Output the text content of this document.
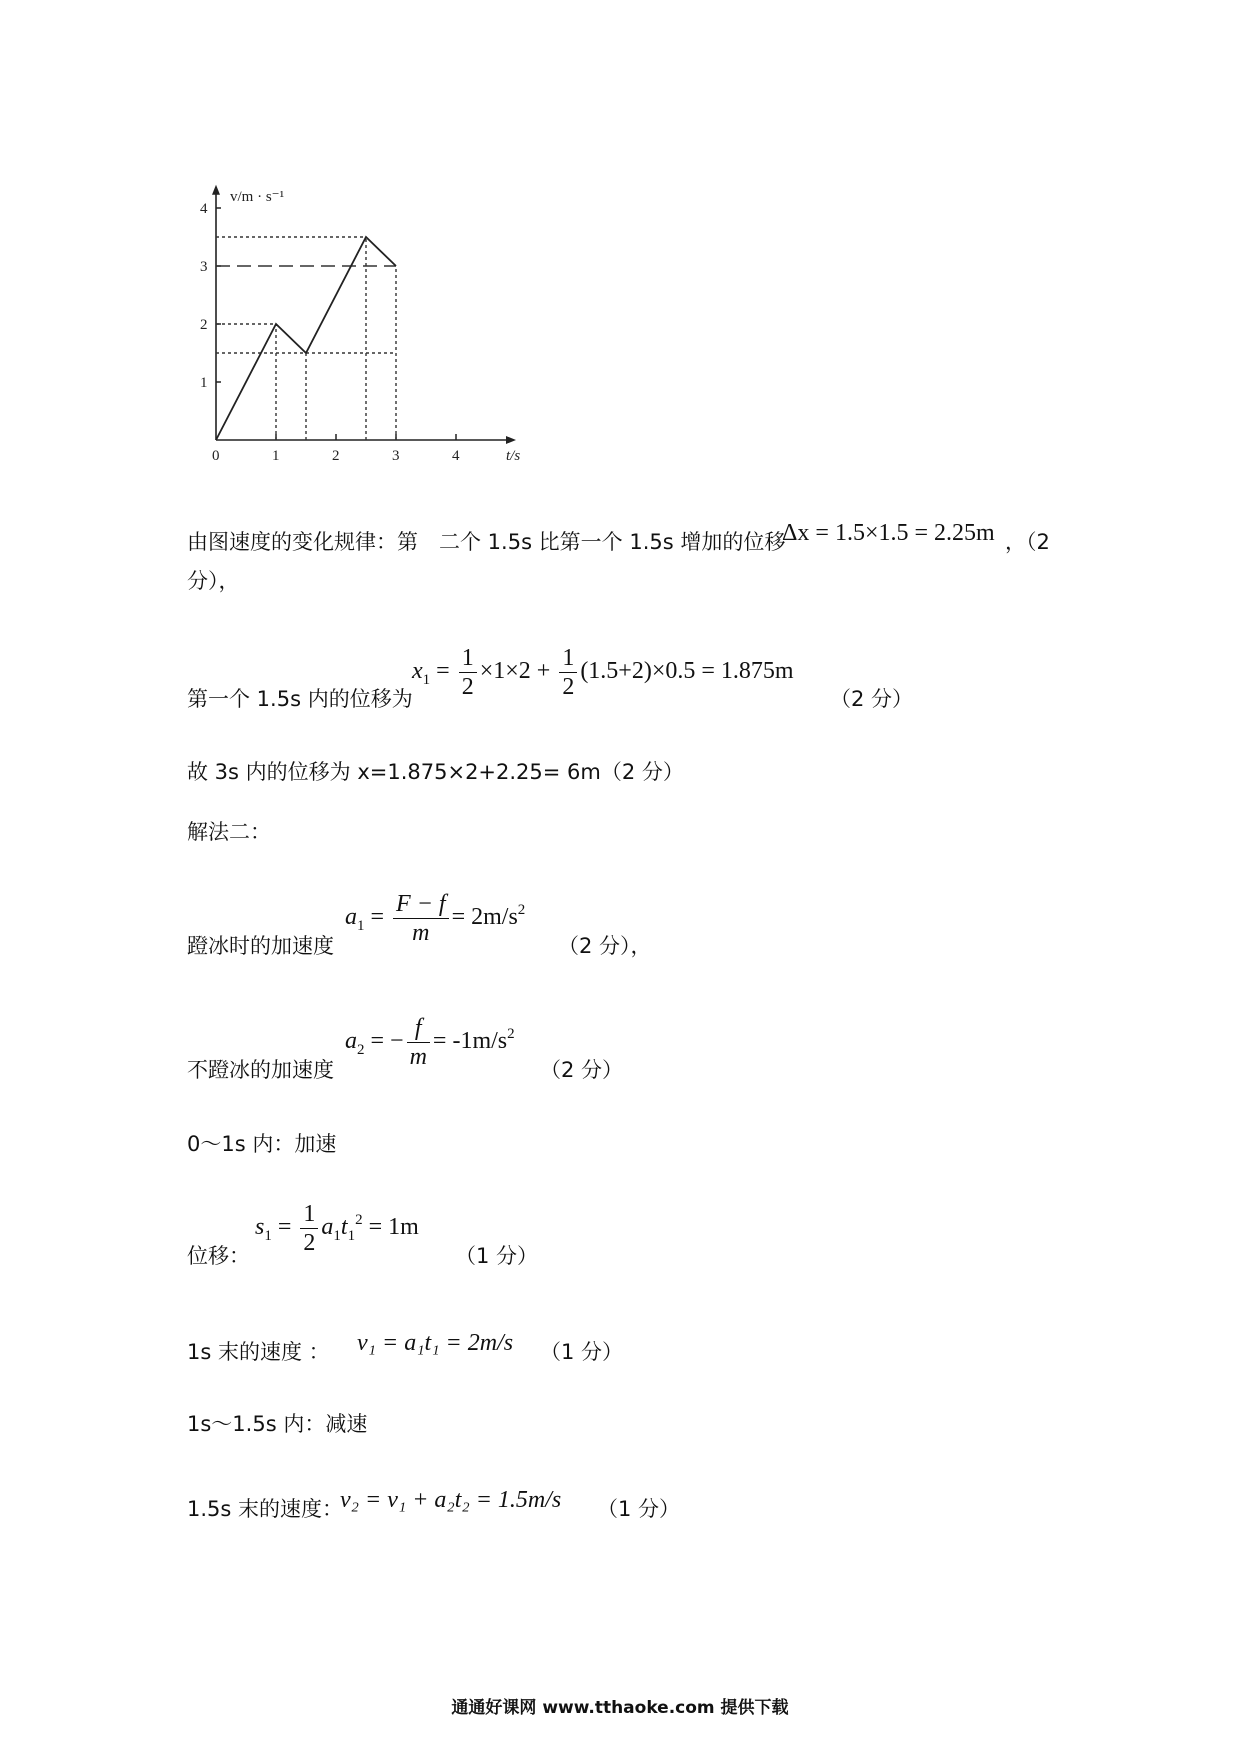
0	1	2	3	4
1
2
3
4
v/m · s⁻¹
t/s
由图速度的变化规律：第　二个 1.5s 比第一个 1.5s 增加的位移
Δx = 1.5×1.5 = 2.25m ，（2
分），
第一个 1.5s 内的位移为
$x_1 = \frac{1}{2} \times 1\times 2 + \frac{1}{2} (1.5+2)\times 0.5 = 1.875m$
（2 分）
故 3s 内的位移为 x=1.875×2+2.25= 6m（2 分）
解法二：
蹬冰时的加速度
$a_1 = \frac{F - f}{m} = 2m/s^2$
（2 分），
不蹬冰的加速度
$a_2$ = − $\frac{f}{m} = -1m/s^2$
（2 分）
0～1s 内：加速
位移：
$s_1 = \frac{1}{2} a_1t_1^2 = 1m$
（1 分）
1s 末的速度 ： v₁ = a₁t₁ = 2m/s （1 分）
1s～1.5s 内：减速
1.5s 末的速度：
v₂ = v₁ + a₂t₂ = 1.5m/s （1 分）
通通好课网 www.tthaoke.com 提供下载
